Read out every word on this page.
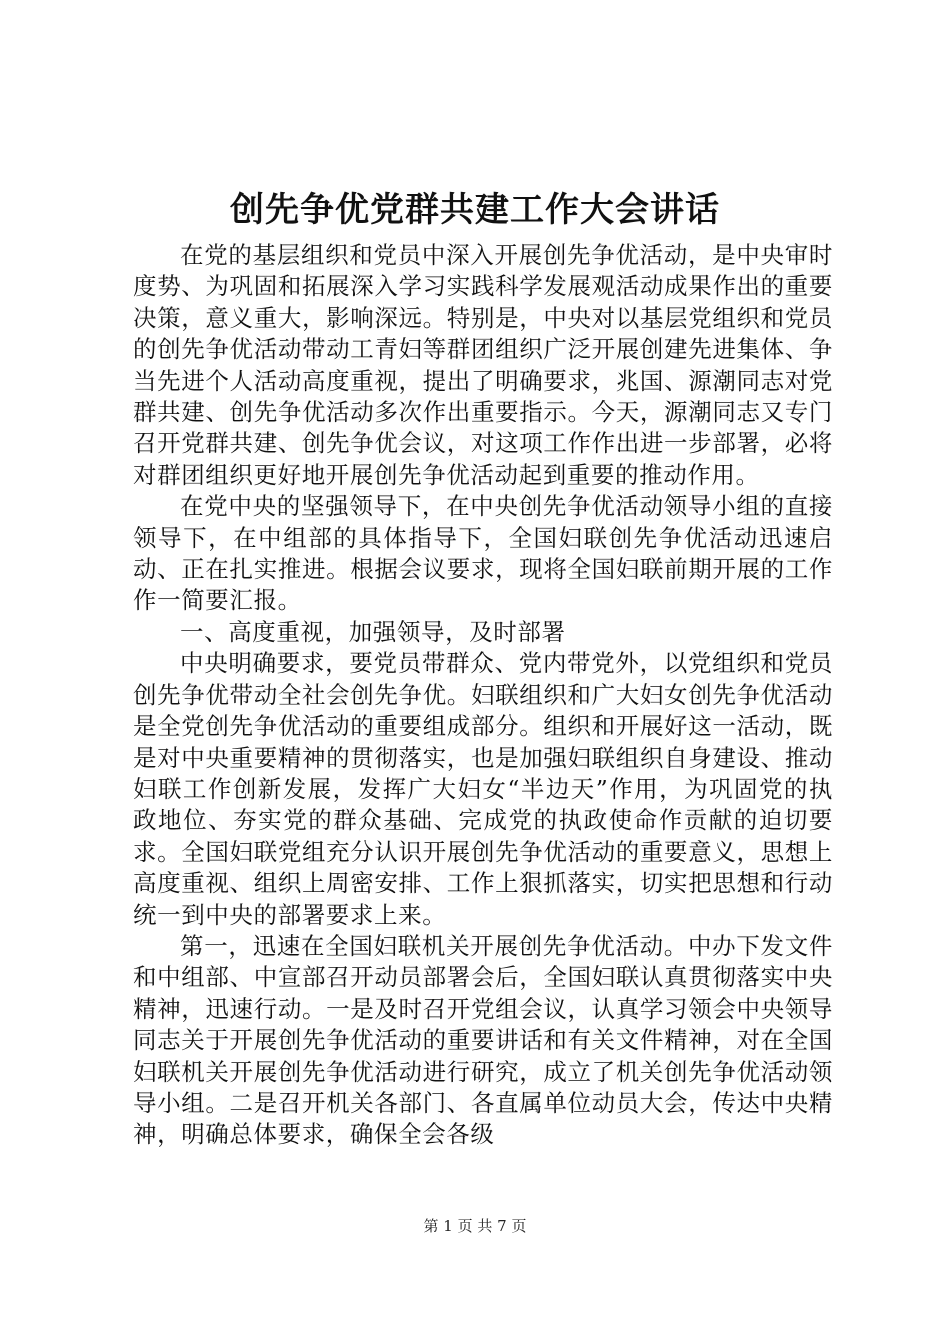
创先争优党群共建工作大会讲话

在党的基层组织和党员中深入开展创先争优活动，是中央审时度势、为巩固和拓展深入学习实践科学发展观活动成果作出的重要决策，意义重大，影响深远。特别是，中央对以基层党组织和党员的创先争优活动带动工青妇等群团组织广泛开展创建先进集体、争当先进个人活动高度重视，提出了明确要求，兆国、源潮同志对党群共建、创先争优活动多次作出重要指示。今天，源潮同志又专门召开党群共建、创先争优会议，对这项工作作出进一步部署，必将对群团组织更好地开展创先争优活动起到重要的推动作用。

在党中央的坚强领导下，在中央创先争优活动领导小组的直接领导下，在中组部的具体指导下，全国妇联创先争优活动迅速启动、正在扎实推进。根据会议要求，现将全国妇联前期开展的工作作一简要汇报。

一、高度重视，加强领导，及时部署

中央明确要求，要党员带群众、党内带党外，以党组织和党员创先争优带动全社会创先争优。妇联组织和广大妇女创先争优活动是全党创先争优活动的重要组成部分。组织和开展好这一活动，既是对中央重要精神的贯彻落实，也是加强妇联组织自身建设、推动妇联工作创新发展，发挥广大妇女“半边天”作用，为巩固党的执政地位、夯实党的群众基础、完成党的执政使命作贡献的迫切要求。全国妇联党组充分认识开展创先争优活动的重要意义，思想上高度重视、组织上周密安排、工作上狠抓落实，切实把思想和行动统一到中央的部署要求上来。

第一，迅速在全国妇联机关开展创先争优活动。中办下发文件和中组部、中宣部召开动员部署会后，全国妇联认真贯彻落实中央精神，迅速行动。一是及时召开党组会议，认真学习领会中央领导同志关于开展创先争优活动的重要讲话和有关文件精神，对在全国妇联机关开展创先争优活动进行研究，成立了机关创先争优活动领导小组。二是召开机关各部门、各直属单位动员大会，传达中央精神，明确总体要求，确保全会各级

第 1 页 共 7 页
